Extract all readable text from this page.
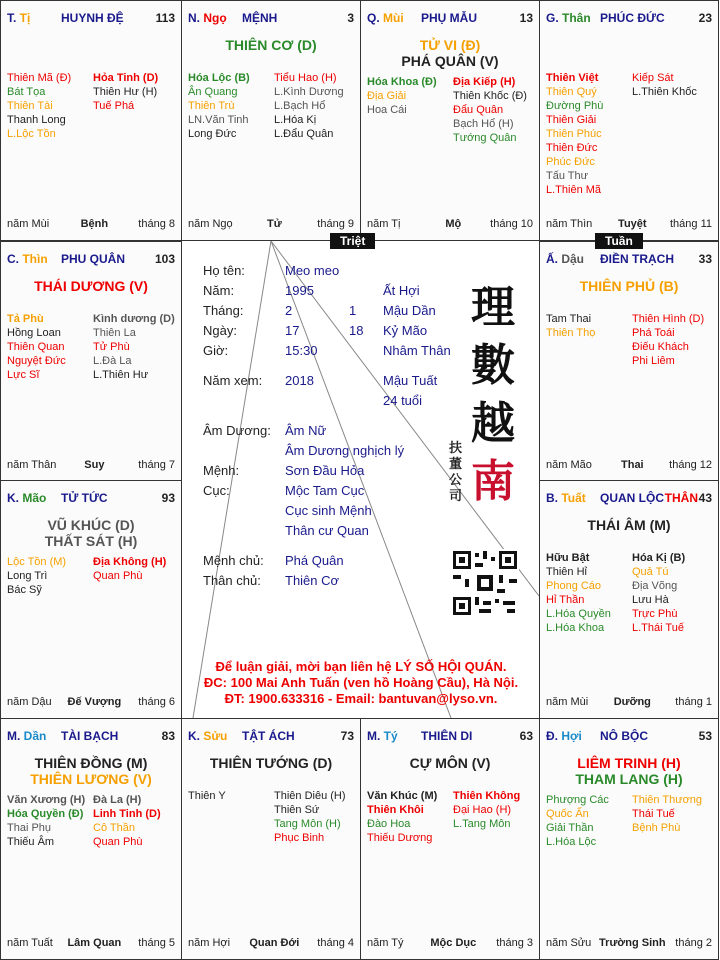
Họ tên:	Meo meo
Năm:	1995	Ất Hợi
Tháng:	2	1 Mậu Dần
Ngày:	17	18 Kỷ Mão
Giờ:	15:30	Nhâm Thân
Năm xem: 2018	Mậu Tuất
24 tuổi
Âm Dương: Âm Nữ
Âm Dương nghịch lý
Mệnh:	Sơn Đầu Hỏa
Cục:	Mộc Tam Cục
Cục sinh Mệnh
Thân cư Quan
Mệnh chủ: Phá Quân
Thân chủ: Thiên Cơ
理
數
越
南
扶董公司
Để luận giải, mời bạn liên hệ LÝ SỐ HỘI QUÁN.
ĐC: 100 Mai Anh Tuấn (ven hồ Hoàng Cầu), Hà Nội.
ĐT: 1900.633316 - Email: bantuvan@lyso.vn.
T. Tị	HUYNH ĐỆ	113
Thiên Mã (Đ)
Bát Tọa
Thiên Tài
Thanh Long
L.Lộc Tồn
Hỏa Tinh (D)
Thiên Hư (H)
Tuế Phá
năm Mùi	Bệnh	tháng 8
N. Ngọ MỆNH	3
THIÊN CƠ (D)
Hóa Lộc (B)
Ân Quang
Thiên Trù
LN.Văn Tinh
Long Đức
Tiểu Hao (H)
L.Kình Dương
L.Bạch Hổ
L.Hóa Kị
L.Đẩu Quân
năm Ngọ	Tử	tháng 9
Q. Mùi PHỤ MẪU	13
TỬ VI (Đ)
PHÁ QUÂN (V)
Hóa Khoa (Đ)
Địa Giải
Hoa Cái
Địa Kiếp (H)
Thiên Khốc (Đ)
Đẩu Quân
Bạch Hổ (H)
Tướng Quân
năm Tị	Mộ	tháng 10
G. Thân PHÚC ĐỨC	23
Thiên Việt
Thiên Quý
Đường Phù
Thiên Giải
Thiên Phúc
Thiên Đức
Phúc Đức
Tấu Thư
L.Thiên Mã
Kiếp Sát
L.Thiên Khốc
năm Thìn Tuyệt tháng 11
C. Thìn PHU QUÂN 103
THÁI DƯƠNG (V)
Tả Phù
Hồng Loan
Thiên Quan
Nguyệt Đức
Lực Sĩ
Kình dương (D)
Thiên La
Tử Phù
L.Đà La
L.Thiên Hư
năm Thân	Suy	tháng 7
Ấ. Dậu ĐIỀN TRẠCH 33
THIÊN PHỦ (B)
Tam Thai
Thiên Thọ
Thiên Hình (D)
Phá Toái
Điếu Khách
Phi Liêm
năm Mão	Thai tháng 12
K. Mão TỬ TỨC	93
VŨ KHÚC (D)
THẤT SÁT (H)
Lộc Tồn (M)
Long Trì
Bác Sỹ
Địa Không (H)
Quan Phù
năm Dậu Đế Vượng tháng 6
B. Tuất QUAN LỘC THÂN 43
THÁI ÂM (M)
Hữu Bật
Thiên Hỉ
Phong Cáo
Hỉ Thần
L.Hóa Quyền
L.Hóa Khoa
Hóa Kị (B)
Quả Tú
Địa Võng
Lưu Hà
Trực Phù
L.Thái Tuế
năm Mùi Dưỡng tháng 1
M. Dần TÀI BẠCH	83
THIÊN ĐỒNG (M)
THIÊN LƯƠNG (V)
Văn Xương (H)
Hóa Quyền (Đ)
Thai Phụ
Thiếu Âm
Đà La (H)
Linh Tinh (D)
Cô Thần
Quan Phù
năm Tuất Lâm Quan tháng 5
K. Sửu TẬT ÁCH	73
THIÊN TƯỚNG (D)
Thiên Y	Thiên Diêu (H)
Thiên Sứ
Tang Môn (H)
Phục Binh
năm Hợi Quan Đới tháng 4
M. Tý THIÊN DI	63
CỰ MÔN (V)
Văn Khúc (M)
Thiên Khôi
Đào Hoa
Thiếu Dương
Thiên Không
Đại Hao (H)
L.Tang Môn
năm Tý Mộc Dục tháng 3
Đ. Hợi NÔ BỘC	53
LIÊM TRINH (H)
THAM LANG (H)
Phượng Các
Quốc Ấn
Giải Thần
L.Hóa Lộc
Thiên Thương
Thái Tuế
Bệnh Phù
năm Sửu Trường Sinh tháng 2
Triệt	Tuần
